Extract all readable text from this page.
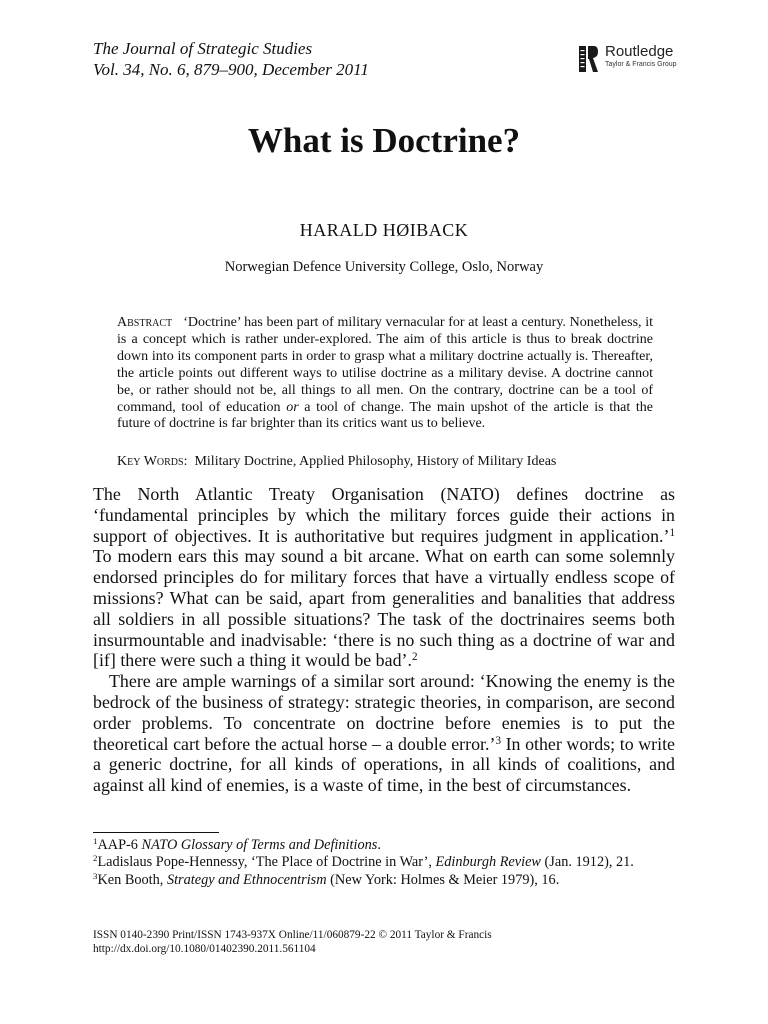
The Journal of Strategic Studies
Vol. 34, No. 6, 879–900, December 2011
Routledge
Taylor & Francis Group
What is Doctrine?
HARALD HØIBACK
Norwegian Defence University College, Oslo, Norway

Abstract ‘Doctrine’ has been part of military vernacular for at least a century. Nonetheless, it is a concept which is rather under-explored. The aim of this article is thus to break doctrine down into its component parts in order to grasp what a military doctrine actually is. Thereafter, the article points out different ways to utilise doctrine as a military devise. A doctrine cannot be, or rather should not be, all things to all men. On the contrary, doctrine can be a tool of command, tool of education or a tool of change. The main upshot of the article is that the future of doctrine is far brighter than its critics want us to believe.

Key Words: Military Doctrine, Applied Philosophy, History of Military Ideas

The North Atlantic Treaty Organisation (NATO) defines doctrine as ‘fundamental principles by which the military forces guide their actions in support of objectives. It is authoritative but requires judgment in application.’$^1$ To modern ears this may sound a bit arcane. What on earth can some solemnly endorsed principles do for military forces that have a virtually endless scope of missions? What can be said, apart from generalities and banalities that address all soldiers in all possible situations? The task of the doctrinaires seems both insurmountable and inadvisable: ‘there is no such thing as a doctrine of war and [if] there were such a thing it would be bad’.$^2$

There are ample warnings of a similar sort around: ‘Knowing the enemy is the bedrock of the business of strategy: strategic theories, in comparison, are second order problems. To concentrate on doctrine before enemies is to put the theoretical cart before the actual horse – a double error.’$^3$ In other words; to write a generic doctrine, for all kinds of operations, in all kinds of coalitions, and against all kind of enemies, is a waste of time, in the best of circumstances.

$^1$AAP-6 NATO Glossary of Terms and Definitions.

$^2$Ladislaus Pope-Hennessy, ‘The Place of Doctrine in War’, Edinburgh Review (Jan. 1912), 21.

$^3$Ken Booth, Strategy and Ethnocentrism (New York: Holmes & Meier 1979), 16.

ISSN 0140-2390 Print/ISSN 1743-937X Online/11/060879-22 © 2011 Taylor & Francis

http://dx.doi.org/10.1080/01402390.2011.561104
